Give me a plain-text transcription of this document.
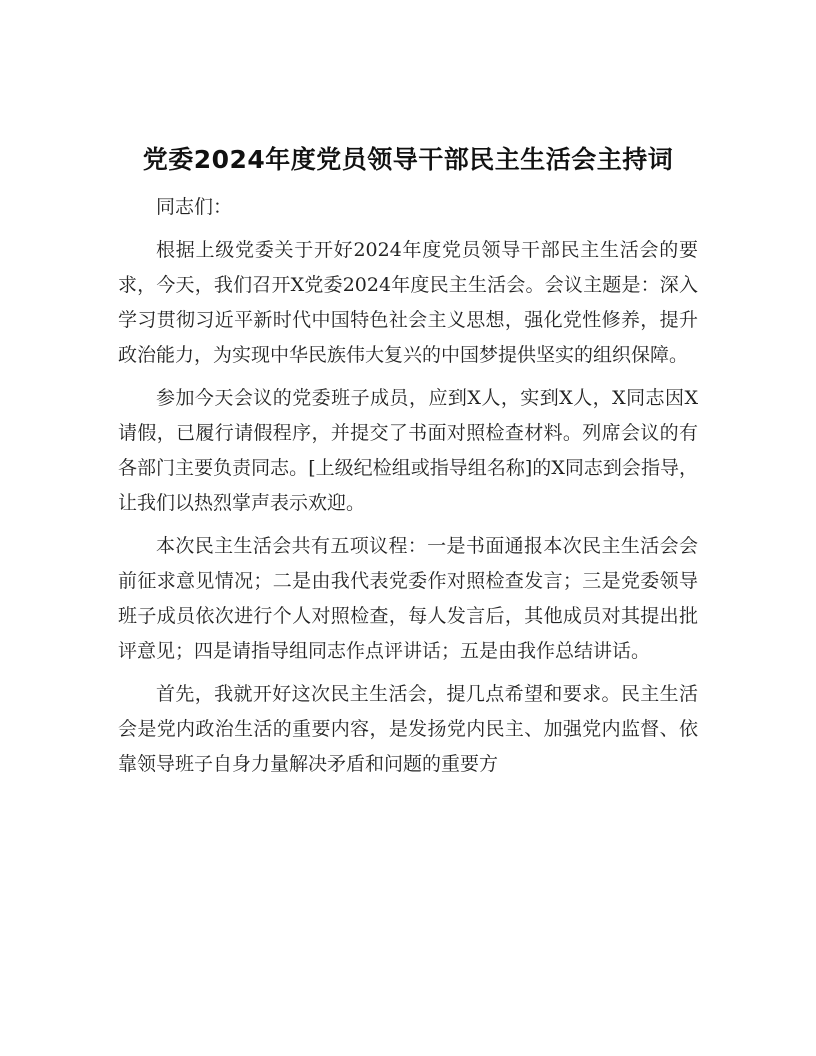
党委2024年度党员领导干部民主生活会主持词

同志们：

根据上级党委关于开好2024年度党员领导干部民主生活会的要求，今天，我们召开X党委2024年度民主生活会。会议主题是：深入学习贯彻习近平新时代中国特色社会主义思想，强化党性修养，提升政治能力，为实现中华民族伟大复兴的中国梦提供坚实的组织保障。

参加今天会议的党委班子成员，应到X人，实到X人，X同志因X请假，已履行请假程序，并提交了书面对照检查材料。列席会议的有各部门主要负责同志。[上级纪检组或指导组名称]的X同志到会指导，让我们以热烈掌声表示欢迎。

本次民主生活会共有五项议程：一是书面通报本次民主生活会会前征求意见情况；二是由我代表党委作对照检查发言；三是党委领导班子成员依次进行个人对照检查，每人发言后，其他成员对其提出批评意见；四是请指导组同志作点评讲话；五是由我作总结讲话。

首先，我就开好这次民主生活会，提几点希望和要求。民主生活会是党内政治生活的重要内容，是发扬党内民主、加强党内监督、依靠领导班子自身力量解决矛盾和问题的重要方
